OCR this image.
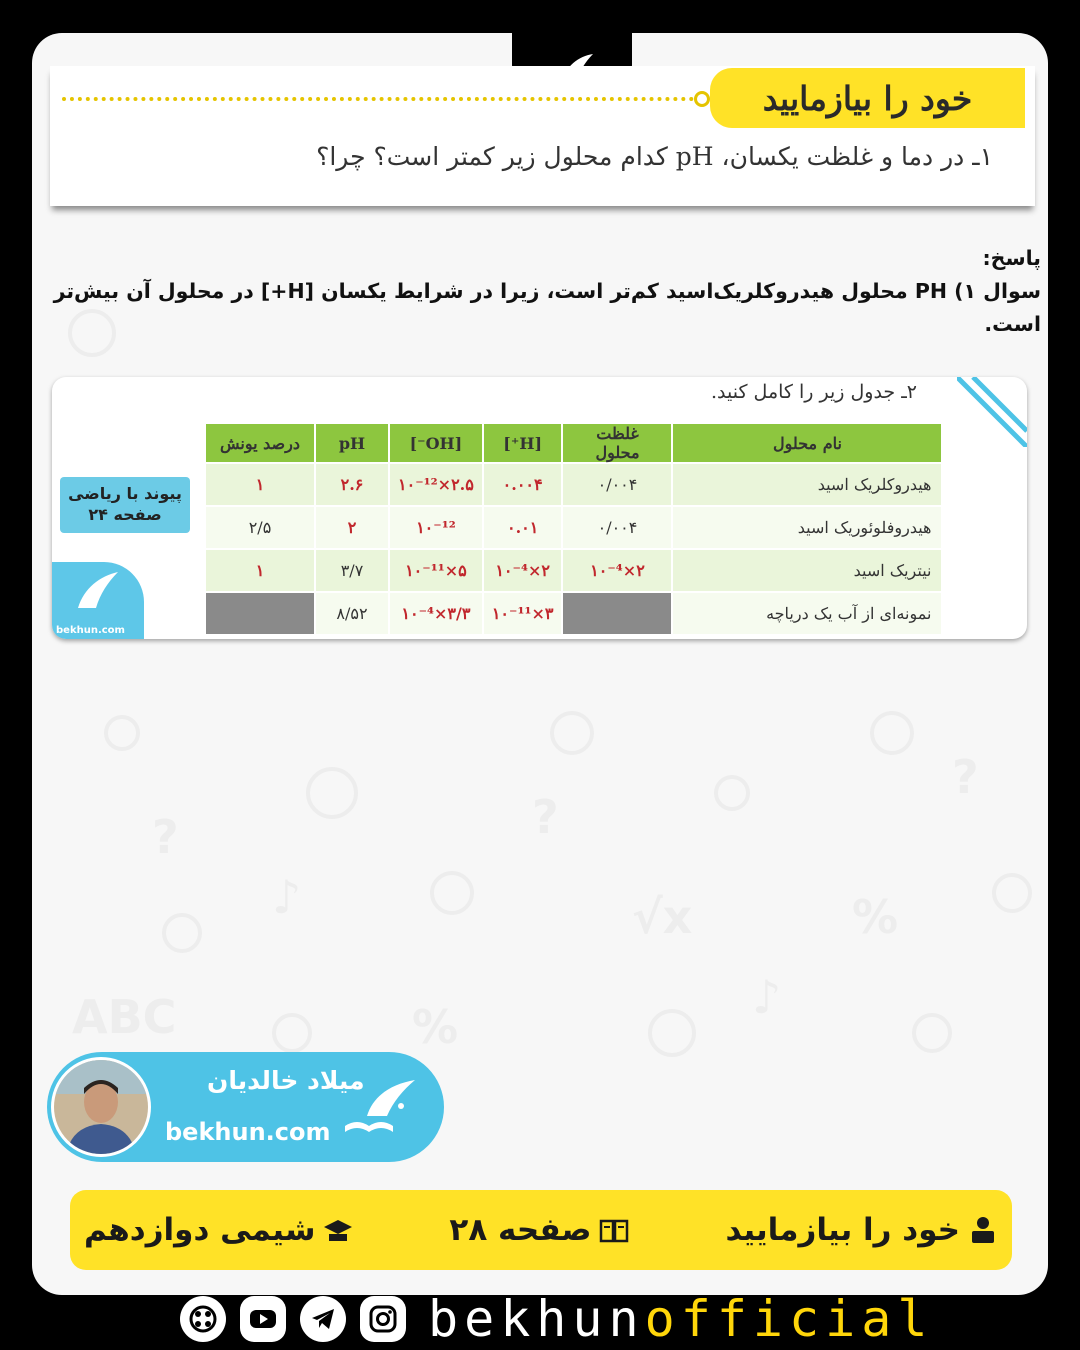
?
%
%
?
♪
♪	√x
ABC
?
خود را بیازمایید
۱ـ در دما و غلظت یکسان، pH کدام محلول زیر کمتر است؟ چرا؟
پاسخ:
سوال ۱) PH محلول هیدروکلریک‌اسید کم‌تر است، زیرا در شرایط یکسان [H+] در محلول آن بیش‌تر است.
۲ـ جدول زیر را کامل کنید.
نام محلول	غلظت محلول	[H⁺]	[OH⁻]	pH	درصد یونش
هیدروکلریک اسید	۰/۰۰۴	۰.۰۰۴	۲.۵×۱۰⁻¹²	۲.۶	۱
هیدروفلوئوریک اسید	۰/۰۰۴	۰.۰۱	۱۰⁻¹²	۲	۲/۵
نیتریک اسید	۲×۱۰⁻⁴	۲×۱۰⁻⁴	۵×۱۰⁻¹¹	۳/۷	۱
نمونه‌ای از آب یک دریاچه		۳×۱۰⁻¹¹	۳/۳×۱۰⁻⁴	۸/۵۲	
پیوند با ریاضی
صفحه ۲۴
bekhun.com
میلاد خالدیان
bekhun.com
خود را بیازمایید
صفحه ۲۸
شیمی دوازدهم
bekhunofficial
